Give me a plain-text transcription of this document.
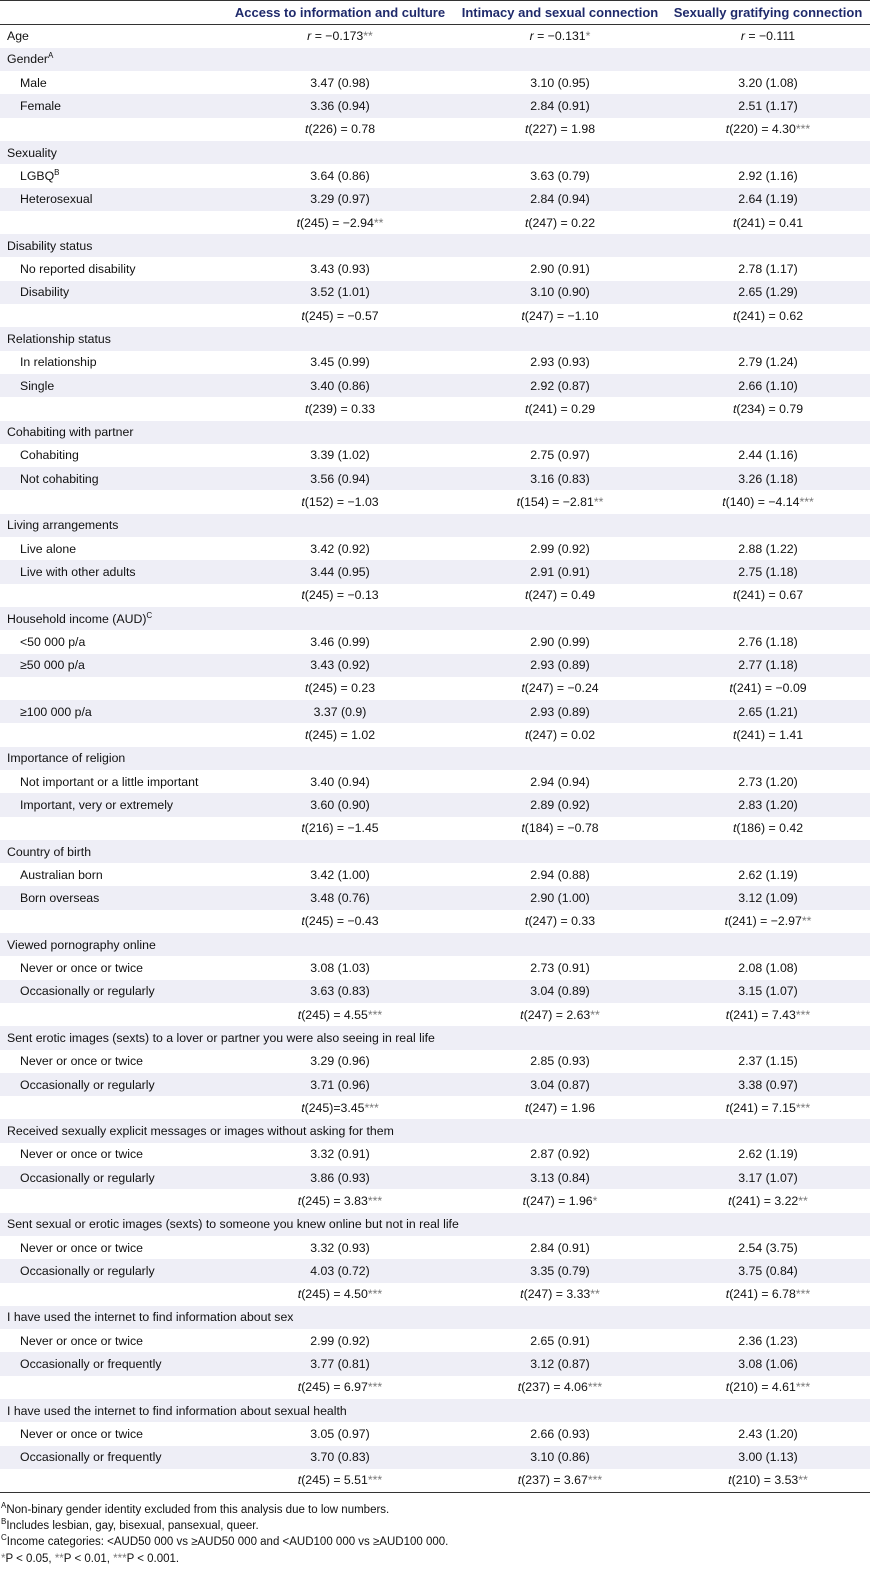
	Access to information and culture	Intimacy and sexual connection	Sexually gratifying connection
Age	r = −0.173**	r = −0.131*	r = −0.111
Gender$^A$			
Male	3.47 (0.98)	3.10 (0.95)	3.20 (1.08)
Female	3.36 (0.94)	2.84 (0.91)	2.51 (1.17)
	t(226) = 0.78	t(227) = 1.98	t(220) = 4.30***
Sexuality			
$LGBQ^B$	3.64 (0.86)	3.63 (0.79)	2.92 (1.16)
Heterosexual	3.29 (0.97)	2.84 (0.94)	2.64 (1.19)
	t(245) = −2.94**	t(247) = 0.22	t(241) = 0.41
Disability status			
No reported disability	3.43 (0.93)	2.90 (0.91)	2.78 (1.17)
Disability	3.52 (1.01)	3.10 (0.90)	2.65 (1.29)
	t(245) = −0.57	t(247) = −1.10	t(241) = 0.62
Relationship status			
In relationship	3.45 (0.99)	2.93 (0.93)	2.79 (1.24)
Single	3.40 (0.86)	2.92 (0.87)	2.66 (1.10)
	t(239) = 0.33	t(241) = 0.29	t(234) = 0.79
Cohabiting with partner			
Cohabiting	3.39 (1.02)	2.75 (0.97)	2.44 (1.16)
Not cohabiting	3.56 (0.94)	3.16 (0.83)	3.26 (1.18)
	t(152) = −1.03	t(154) = −2.81**	t(140) = −4.14***
Living arrangements			
Live alone	3.42 (0.92)	2.99 (0.92)	2.88 (1.22)
Live with other adults	3.44 (0.95)	2.91 (0.91)	2.75 (1.18)
	t(245) = −0.13	t(247) = 0.49	t(241) = 0.67
Household income (AUD)$^C$			
<50 000 p/a	3.46 (0.99)	2.90 (0.99)	2.76 (1.18)
≥50 000 p/a	3.43 (0.92)	2.93 (0.89)	2.77 (1.18)
	t(245) = 0.23	t(247) = −0.24	t(241) = −0.09
≥100 000 p/a	3.37 (0.9)	2.93 (0.89)	2.65 (1.21)
	t(245) = 1.02	t(247) = 0.02	t(241) = 1.41
Importance of religion			
Not important or a little important	3.40 (0.94)	2.94 (0.94)	2.73 (1.20)
Important, very or extremely	3.60 (0.90)	2.89 (0.92)	2.83 (1.20)
	t(216) = −1.45	t(184) = −0.78	t(186) = 0.42
Country of birth			
Australian born	3.42 (1.00)	2.94 (0.88)	2.62 (1.19)
Born overseas	3.48 (0.76)	2.90 (1.00)	3.12 (1.09)
	t(245) = −0.43	t(247) = 0.33	t(241) = −2.97**
Viewed pornography online			
Never or once or twice	3.08 (1.03)	2.73 (0.91)	2.08 (1.08)
Occasionally or regularly	3.63 (0.83)	3.04 (0.89)	3.15 (1.07)
	t(245) = 4.55***	t(247) = 2.63**	t(241) = 7.43***
Sent erotic images (sexts) to a lover or partner you were also seeing in real life			
Never or once or twice	3.29 (0.96)	2.85 (0.93)	2.37 (1.15)
Occasionally or regularly	3.71 (0.96)	3.04 (0.87)	3.38 (0.97)
	t(245)=3.45***	t(247) = 1.96	t(241) = 7.15***
Received sexually explicit messages or images without asking for them			
Never or once or twice	3.32 (0.91)	2.87 (0.92)	2.62 (1.19)
Occasionally or regularly	3.86 (0.93)	3.13 (0.84)	3.17 (1.07)
	t(245) = 3.83***	t(247) = 1.96*	t(241) = 3.22**
Sent sexual or erotic images (sexts) to someone you knew online but not in real life			
Never or once or twice	3.32 (0.93)	2.84 (0.91)	2.54 (3.75)
Occasionally or regularly	4.03 (0.72)	3.35 (0.79)	3.75 (0.84)
	t(245) = 4.50***	t(247) = 3.33**	t(241) = 6.78***
I have used the internet to find information about sex			
Never or once or twice	2.99 (0.92)	2.65 (0.91)	2.36 (1.23)
Occasionally or frequently	3.77 (0.81)	3.12 (0.87)	3.08 (1.06)
	t(245) = 6.97***	t(237) = 4.06***	t(210) = 4.61***
I have used the internet to find information about sexual health			
Never or once or twice	3.05 (0.97)	2.66 (0.93)	2.43 (1.20)
Occasionally or frequently	3.70 (0.83)	3.10 (0.86)	3.00 (1.13)
	t(245) = 5.51***	t(237) = 3.67***	t(210) = 3.53**
$^A$Non-binary gender identity excluded from this analysis due to low numbers.
$^B$Includes lesbian, gay, bisexual, pansexual, queer.
$^C$Income categories: <AUD50 000 vs ≥AUD50 000 and <AUD100 000 vs ≥AUD100 000.
*P < 0.05, **P < 0.01, ***P < 0.001.
